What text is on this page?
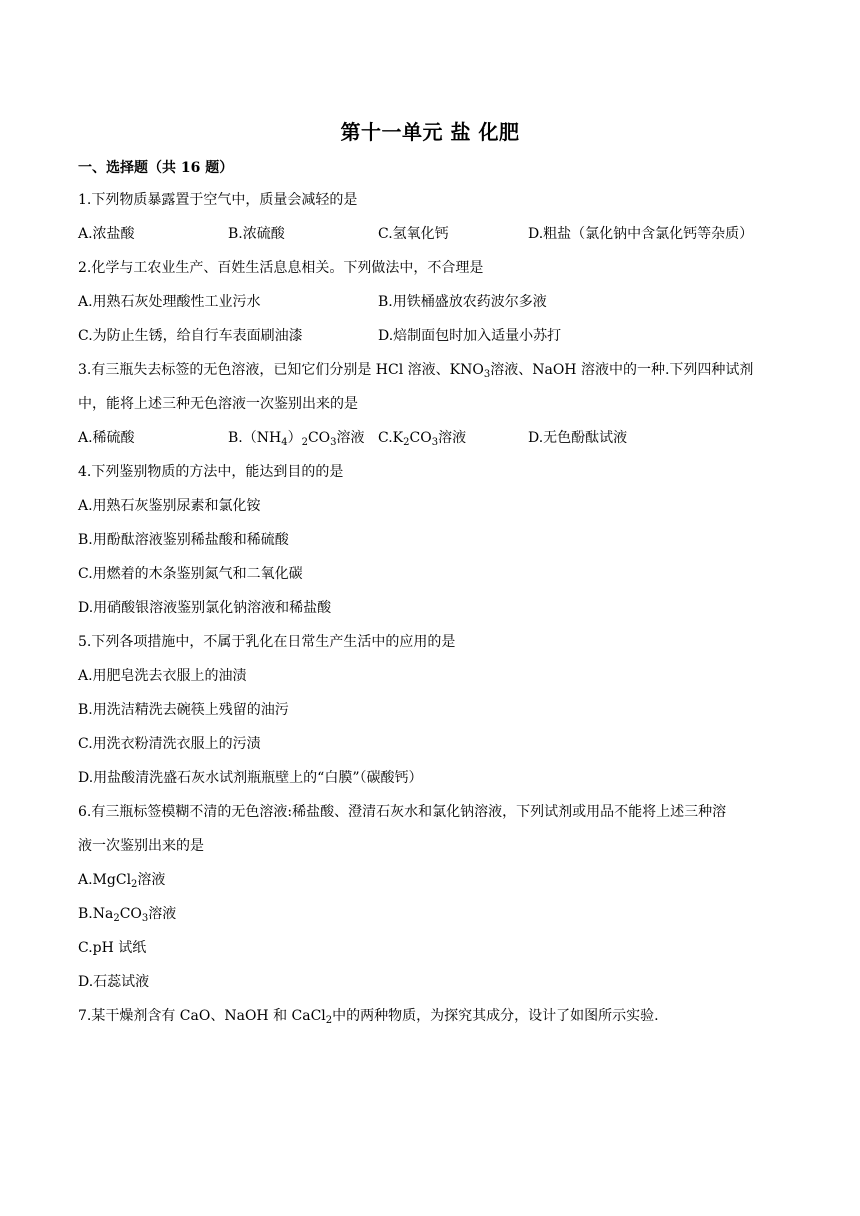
第十一单元 盐 化肥
一、选择题（共 16 题）
1.下列物质暴露置于空气中，质量会减轻的是
A.浓盐酸	B.浓硫酸	C.氢氧化钙	D.粗盐（氯化钠中含氯化钙等杂质）
2.化学与工农业生产、百姓生活息息相关。下列做法中，不合理是
A.用熟石灰处理酸性工业污水	B.用铁桶盛放农药波尔多液
C.为防止生锈，给自行车表面刷油漆	D.焙制面包时加入适量小苏打
3.有三瓶失去标签的无色溶液，已知它们分别是 HCl 溶液、$KNO_3$溶液、NaOH 溶液中的一种.下列四种试剂
中，能将上述三种无色溶液一次鉴别出来的是
A.稀硫酸	$B.(NH_4)_2CO_3$溶液 $C.K_2CO_3$溶液	D.无色酚酞试液
4.下列鉴别物质的方法中，能达到目的的是
A.用熟石灰鉴别尿素和氯化铵
B.用酚酞溶液鉴别稀盐酸和稀硫酸
C.用燃着的木条鉴别氮气和二氧化碳
D.用硝酸银溶液鉴别氯化钠溶液和稀盐酸
5.下列各项措施中，不属于乳化在日常生产生活中的应用的是
A.用肥皂洗去衣服上的油渍
B.用洗洁精洗去碗筷上残留的油污
C.用洗衣粉清洗衣服上的污渍
D.用盐酸清洗盛石灰水试剂瓶瓶壁上的“白膜”（碳酸钙）
6.有三瓶标签模糊不清的无色溶液:稀盐酸、澄清石灰水和氯化钠溶液，下列试剂或用品不能将上述三种溶
液一次鉴别出来的是
A.MgCl$_2$溶液
$B.Na_2CO_3$溶液
C.pH 试纸
D.石蕊试液
7.某干燥剂含有 CaO、NaOH 和 CaCl$_2$中的两种物质，为探究其成分，设计了如图所示实验.
